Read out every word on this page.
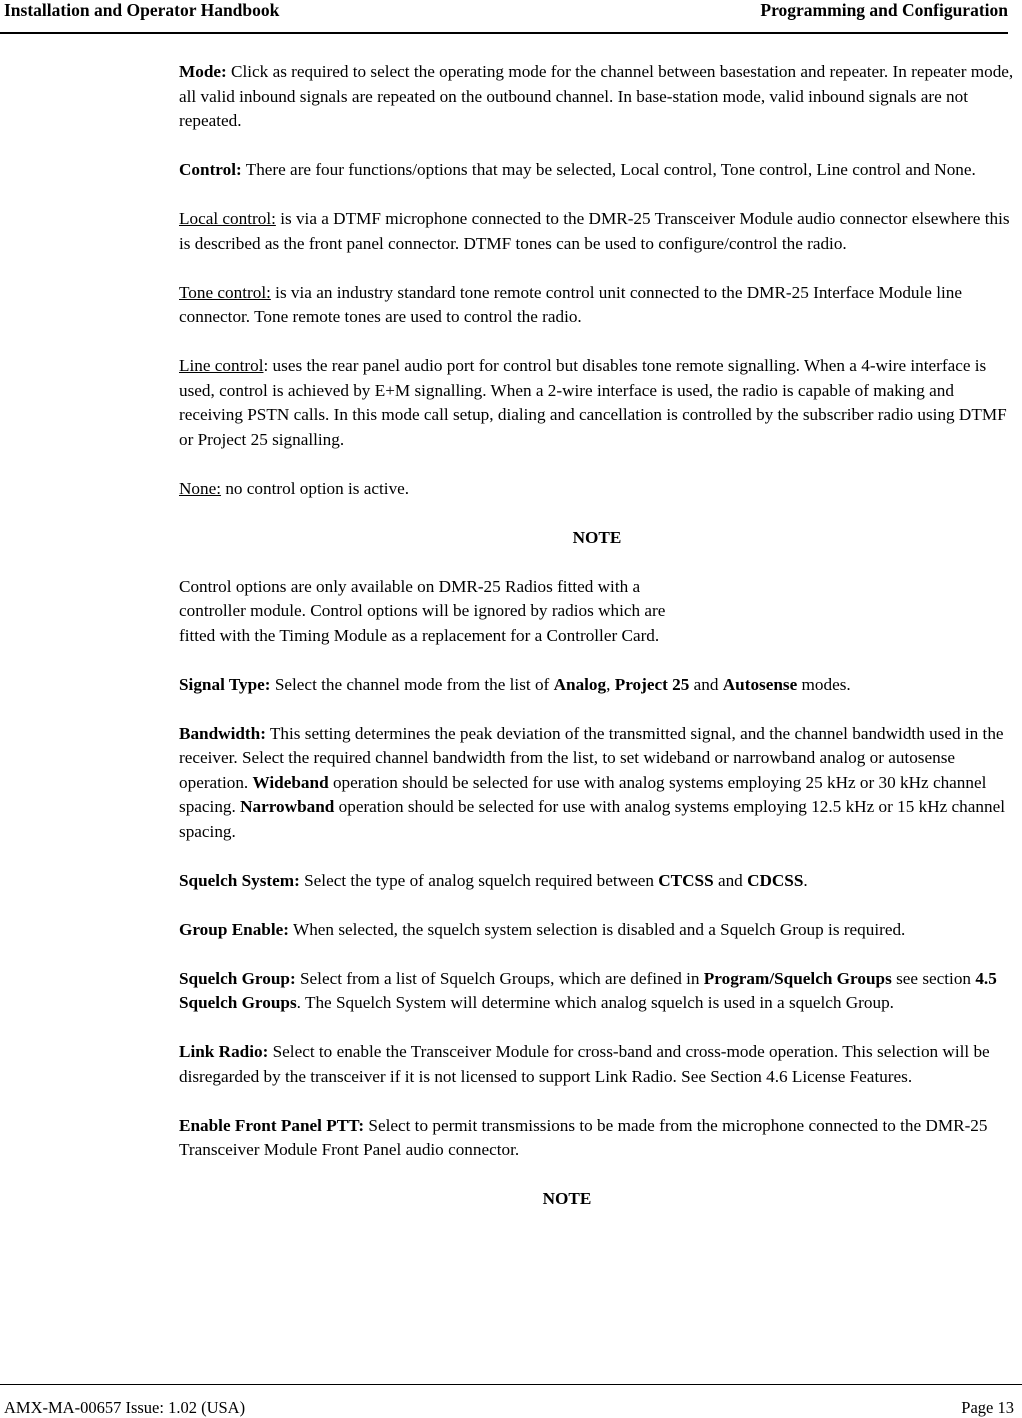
Installation and Operator Handbook	Programming and Configuration

Mode: Click as required to select the operating mode for the channel between basestation and repeater. In repeater mode, all valid inbound signals are repeated on the outbound channel. In base-station mode, valid inbound signals are not repeated.

Control: There are four functions/options that may be selected, Local control, Tone control, Line control and None.

Local control: is via a DTMF microphone connected to the DMR-25 Transceiver Module audio connector elsewhere this is described as the front panel connector. DTMF tones can be used to configure/control the radio.

Tone control: is via an industry standard tone remote control unit connected to the DMR-25 Interface Module line connector. Tone remote tones are used to control the radio.

Line control: uses the rear panel audio port for control but disables tone remote signalling. When a 4-wire interface is used, control is achieved by E+M signalling. When a 2-wire interface is used, the radio is capable of making and receiving PSTN calls. In this mode call setup, dialing and cancellation is controlled by the subscriber radio using DTMF or Project 25 signalling.

None: no control option is active.

NOTE

Control options are only available on DMR-25 Radios fitted with a controller module. Control options will be ignored by radios which are fitted with the Timing Module as a replacement for a Controller Card.

Signal Type: Select the channel mode from the list of Analog, Project 25 and Autosense modes.

Bandwidth: This setting determines the peak deviation of the transmitted signal, and the channel bandwidth used in the receiver. Select the required channel bandwidth from the list, to set wideband or narrowband analog or autosense operation. Wideband operation should be selected for use with analog systems employing 25 kHz or 30 kHz channel spacing. Narrowband operation should be selected for use with analog systems employing 12.5 kHz or 15 kHz channel spacing.

Squelch System: Select the type of analog squelch required between CTCSS and CDCSS.

Group Enable: When selected, the squelch system selection is disabled and a Squelch Group is required.

Squelch Group: Select from a list of Squelch Groups, which are defined in Program/Squelch Groups see section 4.5 Squelch Groups. The Squelch System will determine which analog squelch is used in a squelch Group.

Link Radio: Select to enable the Transceiver Module for cross-band and cross-mode operation. This selection will be disregarded by the transceiver if it is not licensed to support Link Radio. See Section 4.6 License Features.

Enable Front Panel PTT: Select to permit transmissions to be made from the microphone connected to the DMR-25 Transceiver Module Front Panel audio connector.

NOTE

AMX-MA-00657 Issue: 1.02 (USA)	Page 13
